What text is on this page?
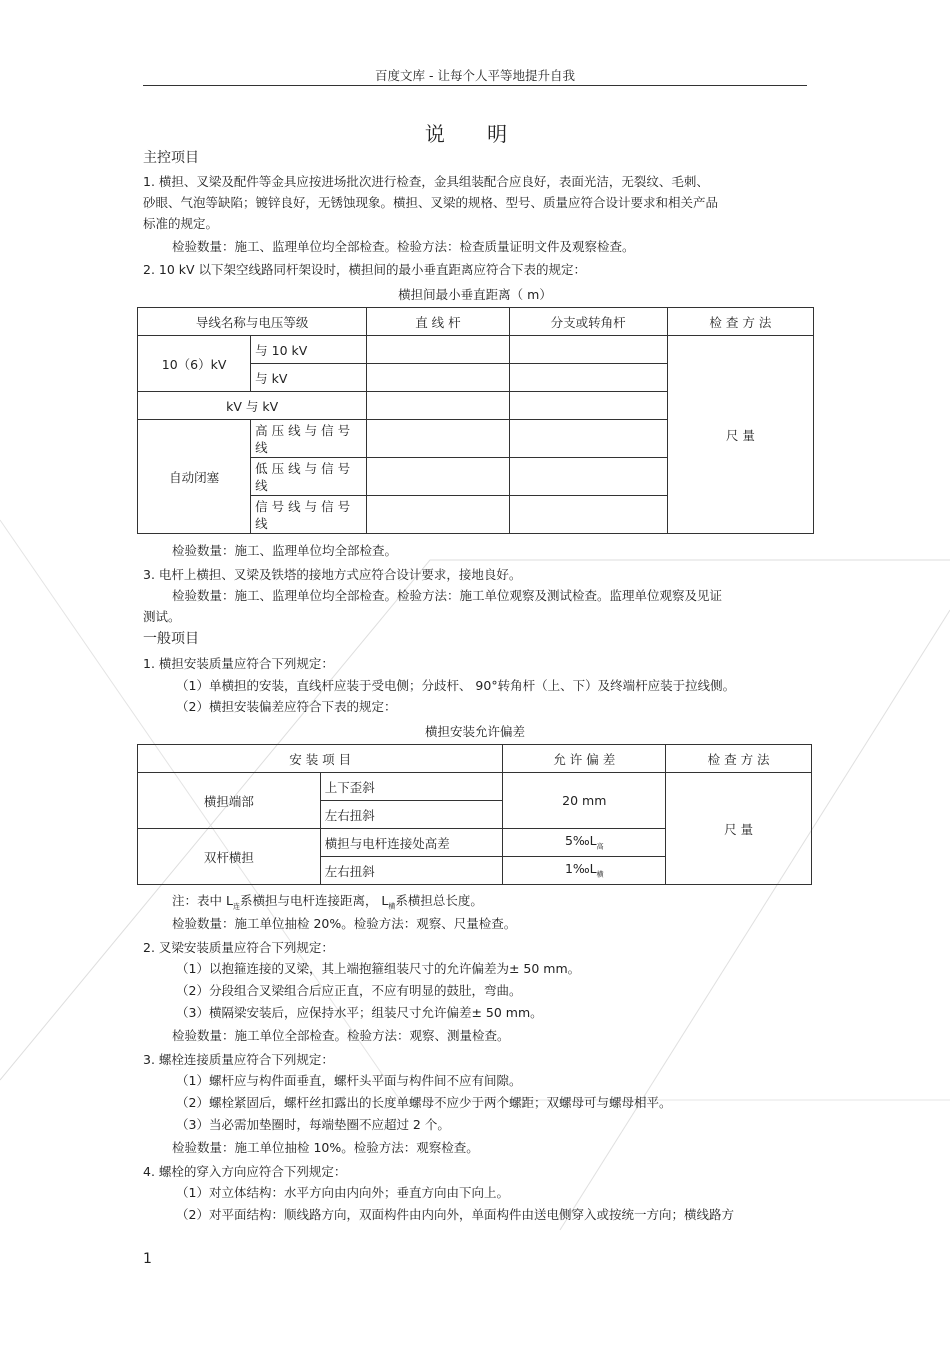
百度文库 - 让每个人平等地提升自我
说 明
主控项目
1. 横担、叉梁及配件等金具应按进场批次进行检查，金具组装配合应良好，表面光洁，无裂纹、毛刺、
砂眼、气泡等缺陷；镀锌良好，无锈蚀现象。横担、叉梁的规格、型号、质量应符合设计要求和相关产品
标准的规定。
检验数量：施工、监理单位均全部检查。检验方法：检查质量证明文件及观察检查。
2. 10 kV 以下架空线路同杆架设时，横担间的最小垂直距离应符合下表的规定：
横担间最小垂直距离（ m）
导线名称与电压等级		直 线 杆	分支或转角杆	检 查 方 法
10（6）kV	与 10 kV			尺 量
	与 kV			
kV 与 kV				
自动闭塞	高压线与信号线			
	低压线与信号线			
	信号线与信号线			
检验数量：施工、监理单位均全部检查。
3. 电杆上横担、叉梁及铁塔的接地方式应符合设计要求，接地良好。
检验数量：施工、监理单位均全部检查。检验方法：施工单位观察及测试检查。监理单位观察及见证
测试。
一般项目
1. 横担安装质量应符合下列规定：
（1）单横担的安装，直线杆应装于受电侧；分歧杆、 90°转角杆（上、下）及终端杆应装于拉线侧。
（2）横担安装偏差应符合下表的规定：
横担安装允许偏差
安 装 项 目		允 许 偏 差	检 查 方 法
横担端部	上下歪斜	20 mm	尺 量
	左右扭斜		
双杆横担	横担与电杆连接处高差	$5‰L_高$
	左右扭斜	$1‰L_横$
注：表中 $L_连$系横担与电杆连接距离， $L_横$系横担总长度。
检验数量：施工单位抽检 20%。检验方法：观察、尺量检查。
2. 叉梁安装质量应符合下列规定：
（1）以抱箍连接的叉梁，其上端抱箍组装尺寸的允许偏差为± 50 mm。
（2）分段组合叉梁组合后应正直，不应有明显的鼓肚，弯曲。
（3）横隔梁安装后，应保持水平；组装尺寸允许偏差± 50 mm。
检验数量：施工单位全部检查。检验方法：观察、测量检查。
3. 螺栓连接质量应符合下列规定：
（1）螺杆应与构件面垂直，螺杆头平面与构件间不应有间隙。
（2）螺栓紧固后，螺杆丝扣露出的长度单螺母不应少于两个螺距；双螺母可与螺母相平。
（3）当必需加垫圈时，每端垫圈不应超过 2 个。
检验数量：施工单位抽检 10%。检验方法：观察检查。
4. 螺栓的穿入方向应符合下列规定：
（1）对立体结构：水平方向由内向外；垂直方向由下向上。
（2）对平面结构：顺线路方向，双面构件由内向外，单面构件由送电侧穿入或按统一方向；横线路方
1
